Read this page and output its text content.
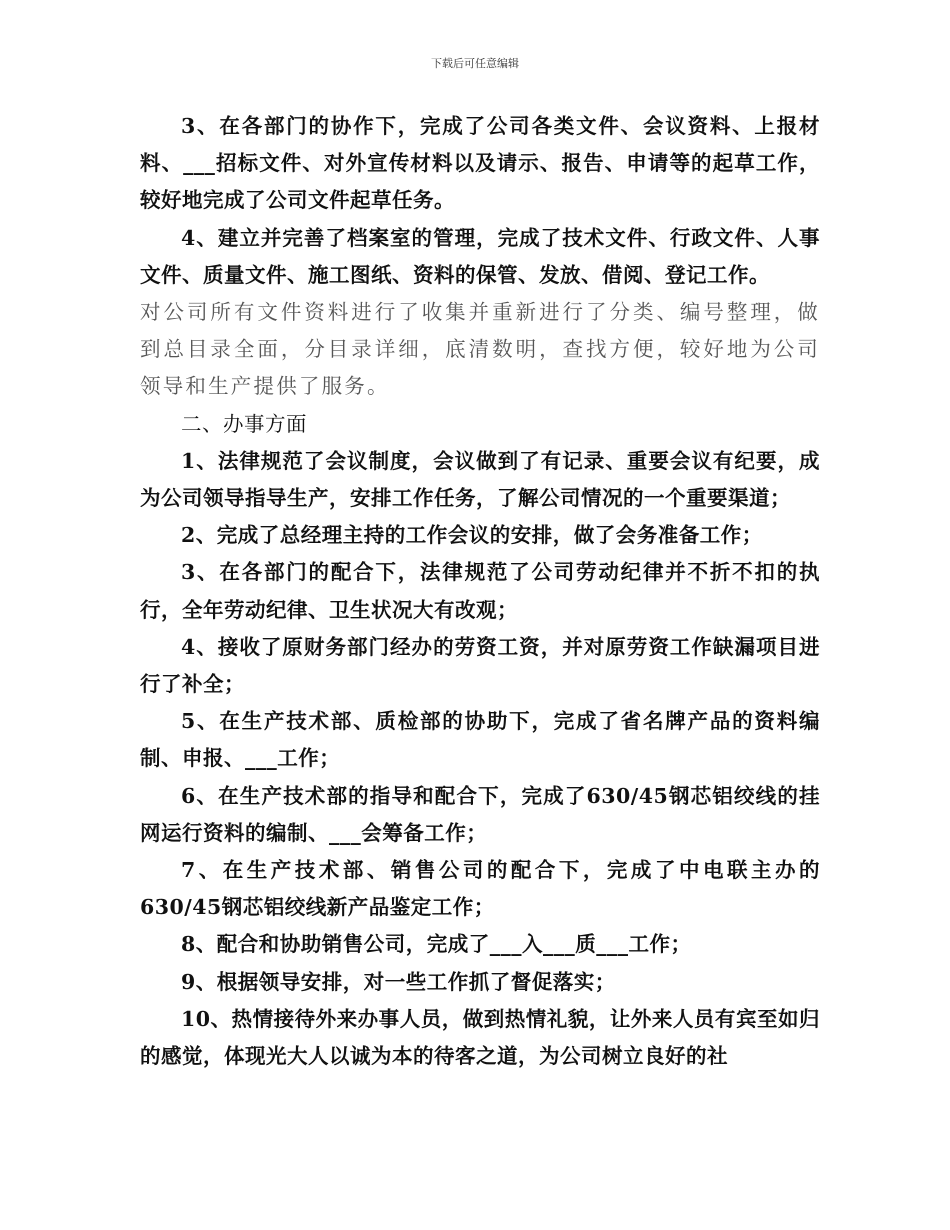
下载后可任意编辑

3、在各部门的协作下，完成了公司各类文件、会议资料、上报材料、___招标文件、对外宣传材料以及请示、报告、申请等的起草工作，较好地完成了公司文件起草任务。

4、建立并完善了档案室的管理，完成了技术文件、行政文件、人事文件、质量文件、施工图纸、资料的保管、发放、借阅、登记工作。

对公司所有文件资料进行了收集并重新进行了分类、编号整理，做到总目录全面，分目录详细，底清数明，查找方便，较好地为公司领导和生产提供了服务。

二、办事方面

1、法律规范了会议制度，会议做到了有记录、重要会议有纪要，成为公司领导指导生产，安排工作任务，了解公司情况的一个重要渠道；

2、完成了总经理主持的工作会议的安排，做了会务准备工作；

3、在各部门的配合下，法律规范了公司劳动纪律并不折不扣的执行，全年劳动纪律、卫生状况大有改观；

4、接收了原财务部门经办的劳资工资，并对原劳资工作缺漏项目进行了补全；

5、在生产技术部、质检部的协助下，完成了省名牌产品的资料编制、申报、___工作；

6、在生产技术部的指导和配合下，完成了630/45钢芯铝绞线的挂网运行资料的编制、___会筹备工作；

7、在生产技术部、销售公司的配合下，完成了中电联主办的630/45钢芯铝绞线新产品鉴定工作；

8、配合和协助销售公司，完成了___入___质___工作；

9、根据领导安排，对一些工作抓了督促落实；

10、热情接待外来办事人员，做到热情礼貌，让外来人员有宾至如归的感觉，体现光大人以诚为本的待客之道，为公司树立良好的社
